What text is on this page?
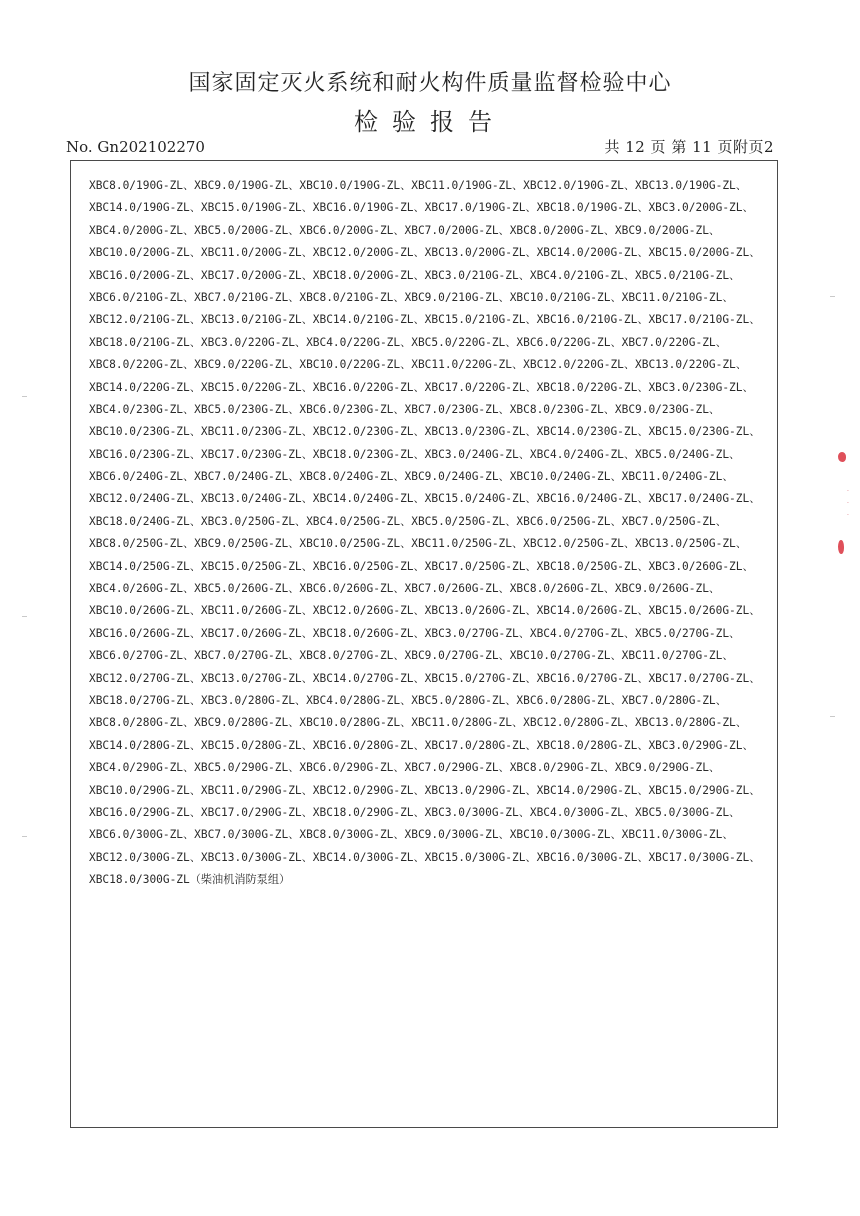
国家固定灭火系统和耐火构件质量监督检验中心
检验报告
No. Gn202102270	共 12 页 第 11 页附页2
XBC8.0/190G-ZL、XBC9.0/190G-ZL、XBC10.0/190G-ZL、XBC11.0/190G-ZL、XBC12.0/190G-ZL、XBC13.0/190G-ZL、
XBC14.0/190G-ZL、XBC15.0/190G-ZL、XBC16.0/190G-ZL、XBC17.0/190G-ZL、XBC18.0/190G-ZL、XBC3.0/200G-ZL、
XBC4.0/200G-ZL、XBC5.0/200G-ZL、XBC6.0/200G-ZL、XBC7.0/200G-ZL、XBC8.0/200G-ZL、XBC9.0/200G-ZL、
XBC10.0/200G-ZL、XBC11.0/200G-ZL、XBC12.0/200G-ZL、XBC13.0/200G-ZL、XBC14.0/200G-ZL、XBC15.0/200G-ZL、
XBC16.0/200G-ZL、XBC17.0/200G-ZL、XBC18.0/200G-ZL、XBC3.0/210G-ZL、XBC4.0/210G-ZL、XBC5.0/210G-ZL、
XBC6.0/210G-ZL、XBC7.0/210G-ZL、XBC8.0/210G-ZL、XBC9.0/210G-ZL、XBC10.0/210G-ZL、XBC11.0/210G-ZL、
XBC12.0/210G-ZL、XBC13.0/210G-ZL、XBC14.0/210G-ZL、XBC15.0/210G-ZL、XBC16.0/210G-ZL、XBC17.0/210G-ZL、
XBC18.0/210G-ZL、XBC3.0/220G-ZL、XBC4.0/220G-ZL、XBC5.0/220G-ZL、XBC6.0/220G-ZL、XBC7.0/220G-ZL、
XBC8.0/220G-ZL、XBC9.0/220G-ZL、XBC10.0/220G-ZL、XBC11.0/220G-ZL、XBC12.0/220G-ZL、XBC13.0/220G-ZL、
XBC14.0/220G-ZL、XBC15.0/220G-ZL、XBC16.0/220G-ZL、XBC17.0/220G-ZL、XBC18.0/220G-ZL、XBC3.0/230G-ZL、
XBC4.0/230G-ZL、XBC5.0/230G-ZL、XBC6.0/230G-ZL、XBC7.0/230G-ZL、XBC8.0/230G-ZL、XBC9.0/230G-ZL、
XBC10.0/230G-ZL、XBC11.0/230G-ZL、XBC12.0/230G-ZL、XBC13.0/230G-ZL、XBC14.0/230G-ZL、XBC15.0/230G-ZL、
XBC16.0/230G-ZL、XBC17.0/230G-ZL、XBC18.0/230G-ZL、XBC3.0/240G-ZL、XBC4.0/240G-ZL、XBC5.0/240G-ZL、
XBC6.0/240G-ZL、XBC7.0/240G-ZL、XBC8.0/240G-ZL、XBC9.0/240G-ZL、XBC10.0/240G-ZL、XBC11.0/240G-ZL、
XBC12.0/240G-ZL、XBC13.0/240G-ZL、XBC14.0/240G-ZL、XBC15.0/240G-ZL、XBC16.0/240G-ZL、XBC17.0/240G-ZL、
XBC18.0/240G-ZL、XBC3.0/250G-ZL、XBC4.0/250G-ZL、XBC5.0/250G-ZL、XBC6.0/250G-ZL、XBC7.0/250G-ZL、
XBC8.0/250G-ZL、XBC9.0/250G-ZL、XBC10.0/250G-ZL、XBC11.0/250G-ZL、XBC12.0/250G-ZL、XBC13.0/250G-ZL、
XBC14.0/250G-ZL、XBC15.0/250G-ZL、XBC16.0/250G-ZL、XBC17.0/250G-ZL、XBC18.0/250G-ZL、XBC3.0/260G-ZL、
XBC4.0/260G-ZL、XBC5.0/260G-ZL、XBC6.0/260G-ZL、XBC7.0/260G-ZL、XBC8.0/260G-ZL、XBC9.0/260G-ZL、
XBC10.0/260G-ZL、XBC11.0/260G-ZL、XBC12.0/260G-ZL、XBC13.0/260G-ZL、XBC14.0/260G-ZL、XBC15.0/260G-ZL、
XBC16.0/260G-ZL、XBC17.0/260G-ZL、XBC18.0/260G-ZL、XBC3.0/270G-ZL、XBC4.0/270G-ZL、XBC5.0/270G-ZL、
XBC6.0/270G-ZL、XBC7.0/270G-ZL、XBC8.0/270G-ZL、XBC9.0/270G-ZL、XBC10.0/270G-ZL、XBC11.0/270G-ZL、
XBC12.0/270G-ZL、XBC13.0/270G-ZL、XBC14.0/270G-ZL、XBC15.0/270G-ZL、XBC16.0/270G-ZL、XBC17.0/270G-ZL、
XBC18.0/270G-ZL、XBC3.0/280G-ZL、XBC4.0/280G-ZL、XBC5.0/280G-ZL、XBC6.0/280G-ZL、XBC7.0/280G-ZL、
XBC8.0/280G-ZL、XBC9.0/280G-ZL、XBC10.0/280G-ZL、XBC11.0/280G-ZL、XBC12.0/280G-ZL、XBC13.0/280G-ZL、
XBC14.0/280G-ZL、XBC15.0/280G-ZL、XBC16.0/280G-ZL、XBC17.0/280G-ZL、XBC18.0/280G-ZL、XBC3.0/290G-ZL、
XBC4.0/290G-ZL、XBC5.0/290G-ZL、XBC6.0/290G-ZL、XBC7.0/290G-ZL、XBC8.0/290G-ZL、XBC9.0/290G-ZL、
XBC10.0/290G-ZL、XBC11.0/290G-ZL、XBC12.0/290G-ZL、XBC13.0/290G-ZL、XBC14.0/290G-ZL、XBC15.0/290G-ZL、
XBC16.0/290G-ZL、XBC17.0/290G-ZL、XBC18.0/290G-ZL、XBC3.0/300G-ZL、XBC4.0/300G-ZL、XBC5.0/300G-ZL、
XBC6.0/300G-ZL、XBC7.0/300G-ZL、XBC8.0/300G-ZL、XBC9.0/300G-ZL、XBC10.0/300G-ZL、XBC11.0/300G-ZL、
XBC12.0/300G-ZL、XBC13.0/300G-ZL、XBC14.0/300G-ZL、XBC15.0/300G-ZL、XBC16.0/300G-ZL、XBC17.0/300G-ZL、
XBC18.0/300G-ZL（柴油机消防泵组）
·
·
·
